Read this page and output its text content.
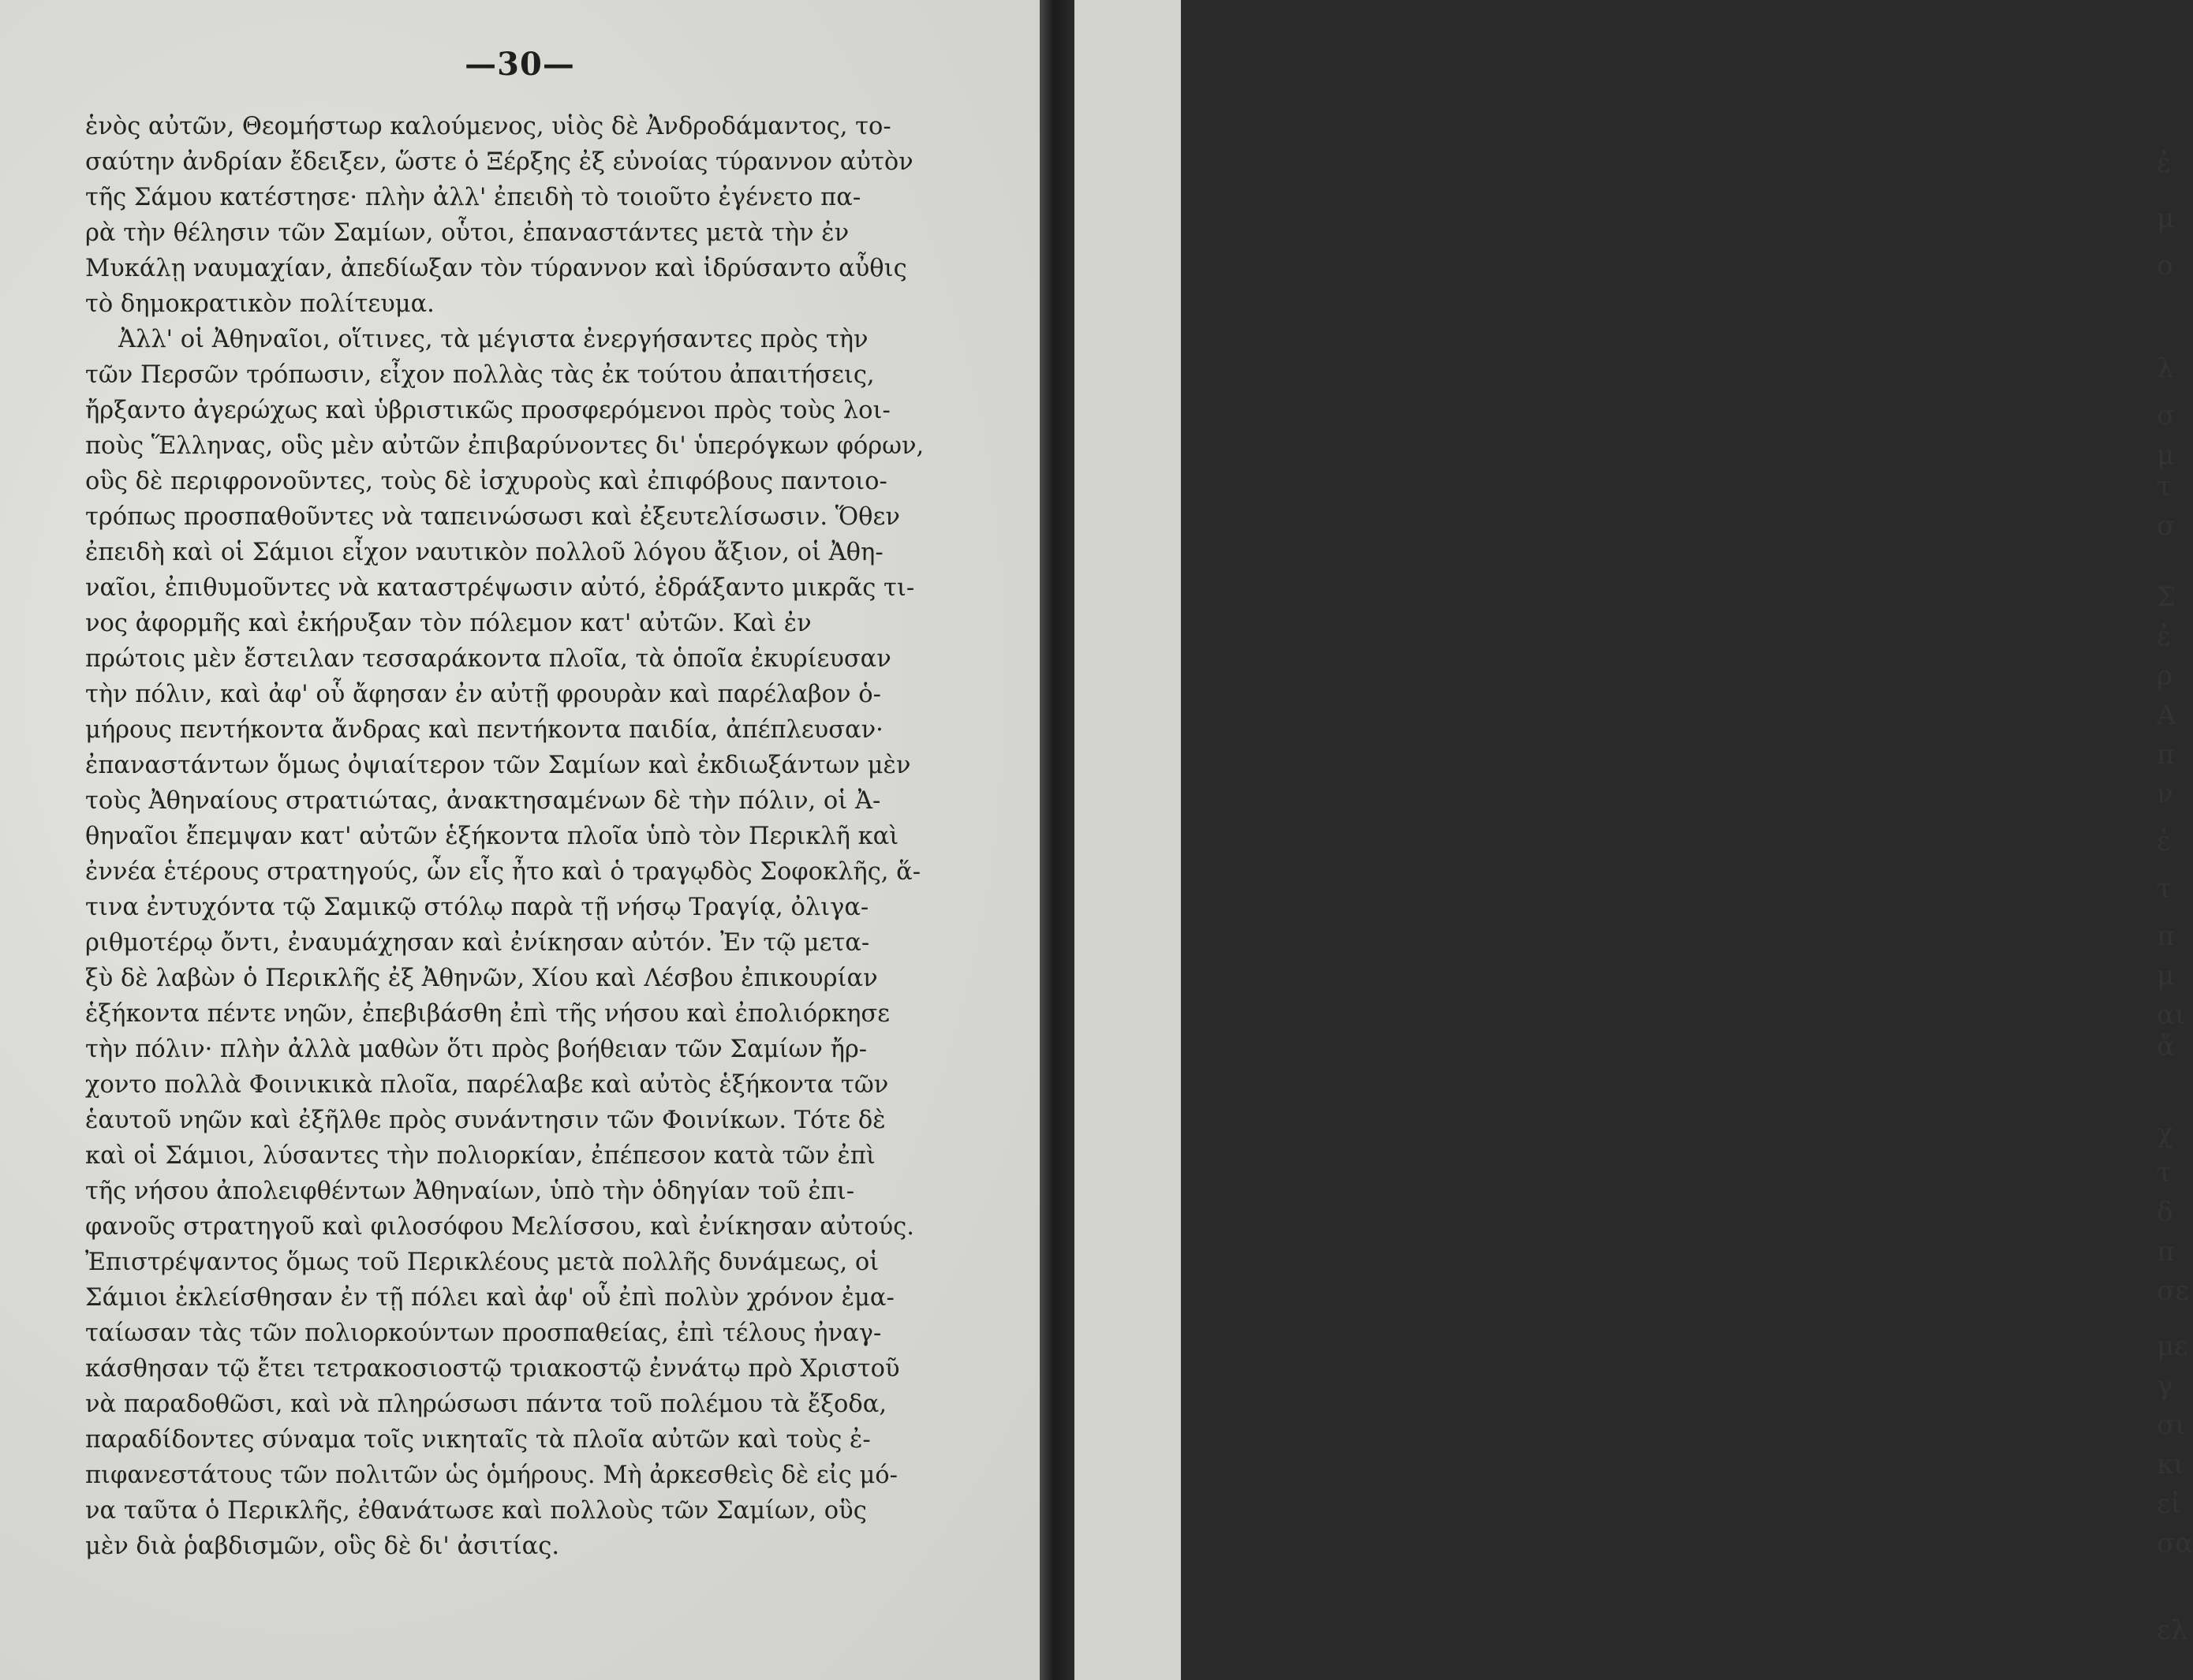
—30—
ἑνὸς αὐτῶν, Θεομήστωρ καλούμενος, υἱὸς δὲ Ἀνδροδάμαντος, το-
σαύτην ἀνδρίαν ἔδειξεν, ὥστε ὁ Ξέρξης ἐξ εὐνοίας τύραννον αὐτὸν
τῆς Σάμου κατέστησε· πλὴν ἀλλ' ἐπειδὴ τὸ τοιοῦτο ἐγένετο πα-
ρὰ τὴν θέλησιν τῶν Σαμίων, οὗτοι, ἐπαναστάντες μετὰ τὴν ἐν
Μυκάλῃ ναυμαχίαν, ἀπεδίωξαν τὸν τύραννον καὶ ἱδρύσαντο αὖθις
τὸ δημοκρατικὸν πολίτευμα.
Ἀλλ' οἱ Ἀθηναῖοι, οἵτινες, τὰ μέγιστα ἐνεργήσαντες πρὸς τὴν
τῶν Περσῶν τρόπωσιν, εἶχον πολλὰς τὰς ἐκ τούτου ἀπαιτήσεις,
ἤρξαντο ἀγερώχως καὶ ὑβριστικῶς προσφερόμενοι πρὸς τοὺς λοι-
ποὺς Ἕλληνας, οὓς μὲν αὐτῶν ἐπιβαρύνοντες δι' ὑπερόγκων φόρων,
οὓς δὲ περιφρονοῦντες, τοὺς δὲ ἰσχυροὺς καὶ ἐπιφόβους παντοιο-
τρόπως προσπαθοῦντες νὰ ταπεινώσωσι καὶ ἐξευτελίσωσιν. Ὅθεν
ἐπειδὴ καὶ οἱ Σάμιοι εἶχον ναυτικὸν πολλοῦ λόγου ἄξιον, οἱ Ἀθη-
ναῖοι, ἐπιθυμοῦντες νὰ καταστρέψωσιν αὐτό, ἐδράξαντο μικρᾶς τι-
νος ἀφορμῆς καὶ ἐκήρυξαν τὸν πόλεμον κατ' αὐτῶν. Καὶ ἐν
πρώτοις μὲν ἔστειλαν τεσσαράκοντα πλοῖα, τὰ ὁποῖα ἐκυρίευσαν
τὴν πόλιν, καὶ ἀφ' οὗ ἄφησαν ἐν αὐτῇ φρουρὰν καὶ παρέλαβον ὁ-
μήρους πεντήκοντα ἄνδρας καὶ πεντήκοντα παιδία, ἀπέπλευσαν·
ἐπαναστάντων ὅμως ὀψιαίτερον τῶν Σαμίων καὶ ἐκδιωξάντων μὲν
τοὺς Ἀθηναίους στρατιώτας, ἀνακτησαμένων δὲ τὴν πόλιν, οἱ Ἀ-
θηναῖοι ἔπεμψαν κατ' αὐτῶν ἑξήκοντα πλοῖα ὑπὸ τὸν Περικλῆ καὶ
ἐννέα ἑτέρους στρατηγούς, ὧν εἷς ἦτο καὶ ὁ τραγῳδὸς Σοφοκλῆς, ἅ-
τινα ἐντυχόντα τῷ Σαμικῷ στόλῳ παρὰ τῇ νήσῳ Τραγίᾳ, ὀλιγα-
ριθμοτέρῳ ὄντι, ἐναυμάχησαν καὶ ἐνίκησαν αὐτόν. Ἐν τῷ μετα-
ξὺ δὲ λαβὼν ὁ Περικλῆς ἐξ Ἀθηνῶν, Χίου καὶ Λέσβου ἐπικουρίαν
ἑξήκοντα πέντε νηῶν, ἐπεβιβάσθη ἐπὶ τῆς νήσου καὶ ἐπολιόρκησε
τὴν πόλιν· πλὴν ἀλλὰ μαθὼν ὅτι πρὸς βοήθειαν τῶν Σαμίων ἤρ-
χοντο πολλὰ Φοινικικὰ πλοῖα, παρέλαβε καὶ αὐτὸς ἑξήκοντα τῶν
ἑαυτοῦ νηῶν καὶ ἐξῆλθε πρὸς συνάντησιν τῶν Φοινίκων. Τότε δὲ
καὶ οἱ Σάμιοι, λύσαντες τὴν πολιορκίαν, ἐπέπεσον κατὰ τῶν ἐπὶ
τῆς νήσου ἀπολειφθέντων Ἀθηναίων, ὑπὸ τὴν ὁδηγίαν τοῦ ἐπι-
φανοῦς στρατηγοῦ καὶ φιλοσόφου Μελίσσου, καὶ ἐνίκησαν αὐτούς.
Ἐπιστρέψαντος ὅμως τοῦ Περικλέους μετὰ πολλῆς δυνάμεως, οἱ
Σάμιοι ἐκλείσθησαν ἐν τῇ πόλει καὶ ἀφ' οὗ ἐπὶ πολὺν χρόνον ἐμα-
ταίωσαν τὰς τῶν πολιορκούντων προσπαθείας, ἐπὶ τέλους ἠναγ-
κάσθησαν τῷ ἔτει τετρακοσιοστῷ τριακοστῷ ἐννάτῳ πρὸ Χριστοῦ
νὰ παραδοθῶσι, καὶ νὰ πληρώσωσι πάντα τοῦ πολέμου τὰ ἔξοδα,
παραδίδοντες σύναμα τοῖς νικηταῖς τὰ πλοῖα αὐτῶν καὶ τοὺς ἐ-
πιφανεστάτους τῶν πολιτῶν ὡς ὁμήρους. Μὴ ἀρκεσθεὶς δὲ εἰς μό-
να ταῦτα ὁ Περικλῆς, ἐθανάτωσε καὶ πολλοὺς τῶν Σαμίων, οὓς
μὲν διὰ ῥαβδισμῶν, οὓς δὲ δι' ἀσιτίας.
ἐ
μ
ο
λ
σ
μ
τ
σ
Σ
ἐ
ρ
Α
π
ν
ἐ
τ
π
μ
αι
ἄ
χ
τ
δ
π
σε
με
γ
σι
κι
εἰ
σα
ελ
